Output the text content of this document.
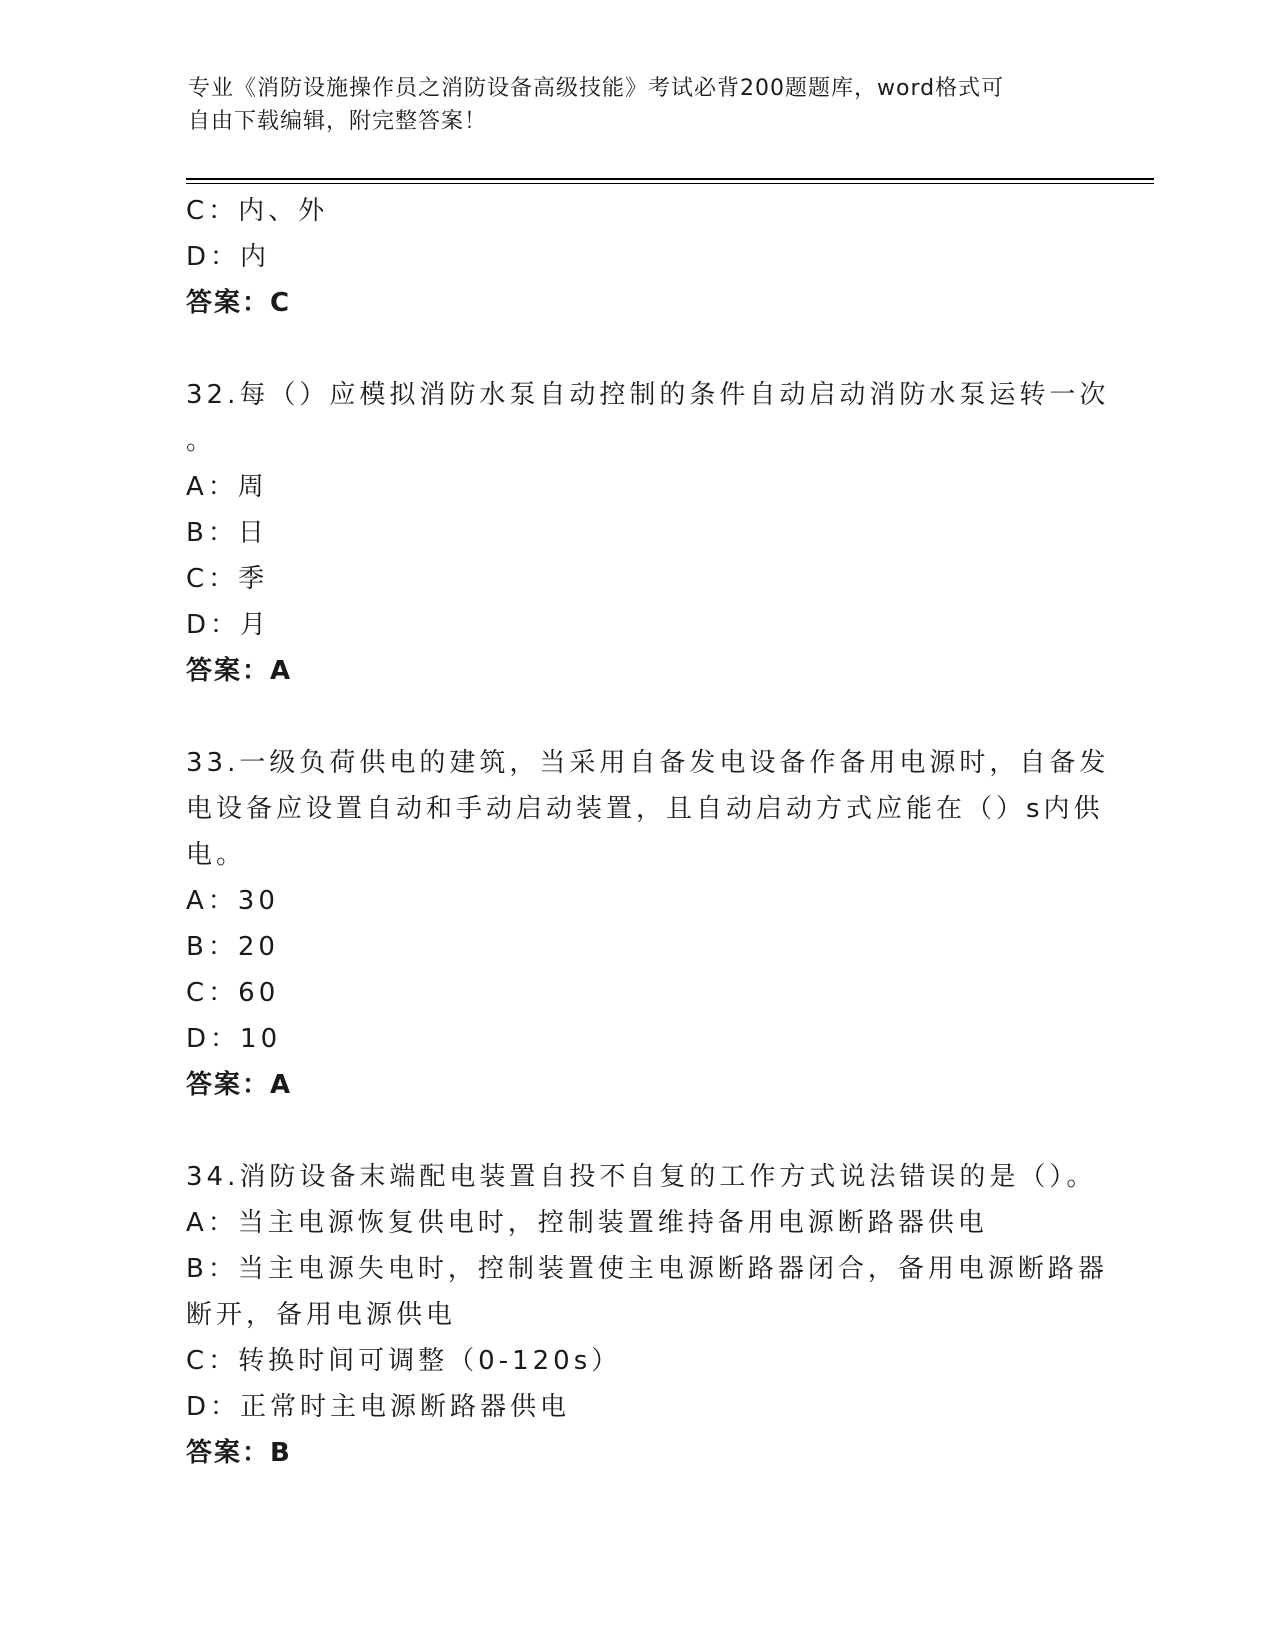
专业《消防设施操作员之消防设备高级技能》考试必背200题题库，word格式可
自由下载编辑，附完整答案！
C：内、外
D：内
答案：C
32.每（）应模拟消防水泵自动控制的条件自动启动消防水泵运转一次
。
A：周
B：日
C：季
D：月
答案：A
33.一级负荷供电的建筑，当采用自备发电设备作备用电源时，自备发
电设备应设置自动和手动启动装置，且自动启动方式应能在（）s内供
电。
A：30
B：20
C：60
D：10
答案：A
34.消防设备末端配电装置自投不自复的工作方式说法错误的是（）。
A：当主电源恢复供电时，控制装置维持备用电源断路器供电
B：当主电源失电时，控制装置使主电源断路器闭合，备用电源断路器
断开，备用电源供电
C：转换时间可调整（0-120s）
D：正常时主电源断路器供电
答案：B
